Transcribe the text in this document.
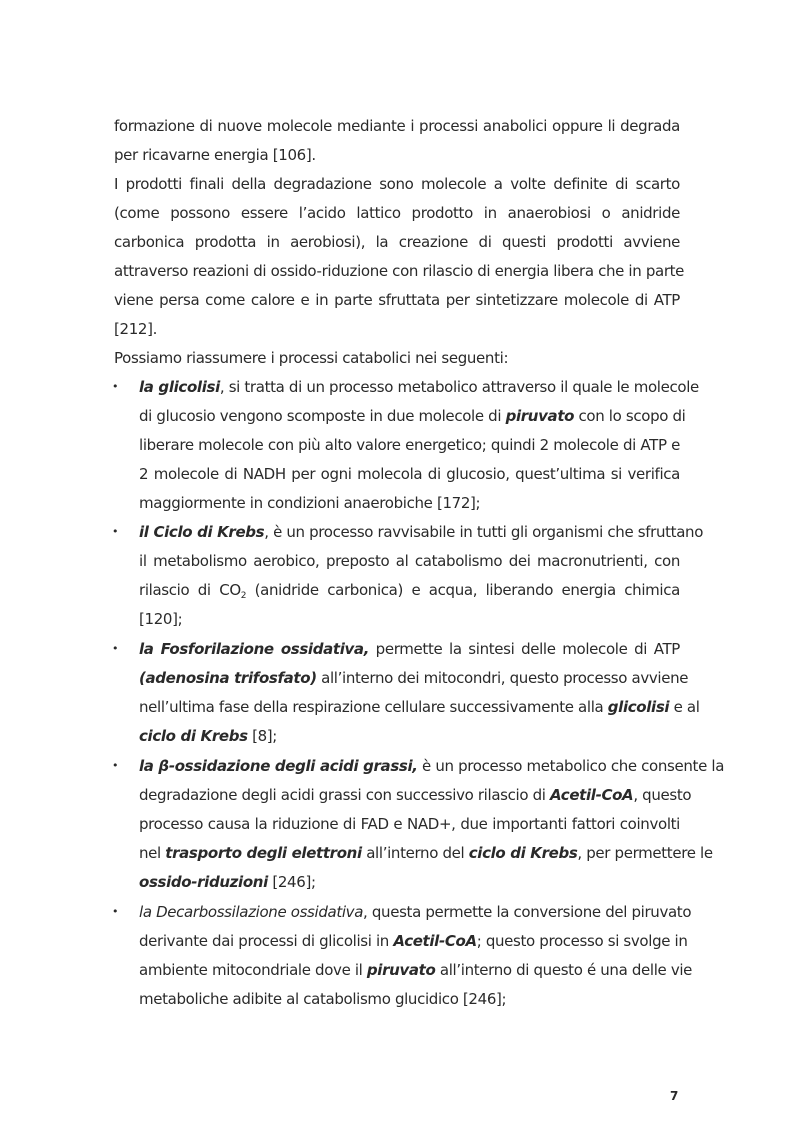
formazione di nuove molecole mediante i processi anabolici oppure li degrada
per ricavarne energia [106].
I prodotti finali della degradazione sono molecole a volte definite di scarto
(come possono essere l’acido lattico prodotto in anaerobiosi o anidride
carbonica prodotta in aerobiosi), la creazione di questi prodotti avviene
attraverso reazioni di ossido-riduzione con rilascio di energia libera che in parte
viene persa come calore e in parte sfruttata per sintetizzare molecole di ATP
[212].
Possiamo riassumere i processi catabolici nei seguenti:
• la glicolisi, si tratta di un processo metabolico attraverso il quale le molecole
di glucosio vengono scomposte in due molecole di piruvato con lo scopo di
liberare molecole con più alto valore energetico; quindi 2 molecole di ATP e
2 molecole di NADH per ogni molecola di glucosio, quest’ultima si verifica
maggiormente in condizioni anaerobiche [172];
• il Ciclo di Krebs, è un processo ravvisabile in tutti gli organismi che sfruttano
il metabolismo aerobico, preposto al catabolismo dei macronutrienti, con
rilascio di $CO_2$ (anidride carbonica) e acqua, liberando energia chimica
[120];
• la Fosforilazione ossidativa, permette la sintesi delle molecole di ATP
(adenosina trifosfato) all’interno dei mitocondri, questo processo avviene
nell’ultima fase della respirazione cellulare successivamente alla glicolisi e al
ciclo di Krebs [8];
• la β-ossidazione degli acidi grassi, è un processo metabolico che consente la
degradazione degli acidi grassi con successivo rilascio di Acetil-CoA, questo
processo causa la riduzione di FAD e NAD+, due importanti fattori coinvolti
nel trasporto degli elettroni all’interno del ciclo di Krebs, per permettere le
ossido-riduzioni [246];
• la Decarbossilazione ossidativa, questa permette la conversione del piruvato
derivante dai processi di glicolisi in Acetil-CoA; questo processo si svolge in
ambiente mitocondriale dove il piruvato all’interno di questo é una delle vie
metaboliche adibite al catabolismo glucidico [246];
7
